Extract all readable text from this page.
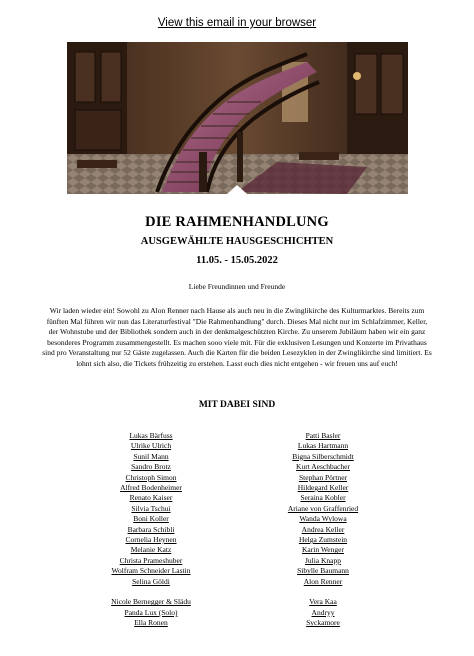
View this email in your browser
DIE RAHMENHANDLUNG
AUSGEWÄHLTE HAUSGESCHICHTEN
11.05. - 15.05.2022
Liebe Freundinnen und Freunde
Wir laden wieder ein! Sowohl zu Alon Renner nach Hause als auch neu in die Zwinglikirche des Kulturmarktes. Bereits zum fünften Mal führen wir nun das Literaturfestival "Die Rahmenhandlung" durch. Dieses Mal nicht nur im Schlafzimmer, Keller, der Wohnstube und der Bibliothek sondern auch in der denkmalgeschützten Kirche. Zu unserem Jubiläum haben wir ein ganz besonderes Programm zusammengestellt. Es machen sooo viele mit. Für die exklusiven Lesungen und Konzerte im Privathaus sind pro Veranstaltung nur 52 Gäste zugelassen. Auch die Karten für die beiden Lesezyklen in der Zwinglikirche sind limitiert. Es lohnt sich also, die Tickets frühzeitig zu erstehen. Lasst euch dies nicht entgehen - wir freuen uns auf euch!
MIT DABEI SIND
Lukas Bärfuss
Ulrike Ulrich
Sunil Mann
Sandro Brotz
Christoph Simon
Alfred Bodenheimer
Renato Kaiser
Silvia Tschui
Boni Koller
Barbara Schibli
Cornelia Heynen
Melanie Katz
Christa Prameshuber
Wolfram Schneider Lastin
Selina Göldi
Nicole Bernegger & Slädu
Panda Lux (Solo)
Ella Ronen
Patti Basler
Lukas Hartmann
Bigna Silberschmidt
Kurt Aeschbacher
Stephan Pörtner
Hildegard Keller
Seraina Kobler
Ariane von Graffenried
Wanda Wylowa
Andrea Keller
Helga Zumstein
Karin Wenger
Julia Knapp
Sibylle Baumann
Alon Renner
Vera Kaa
Andryy
Syckamore
